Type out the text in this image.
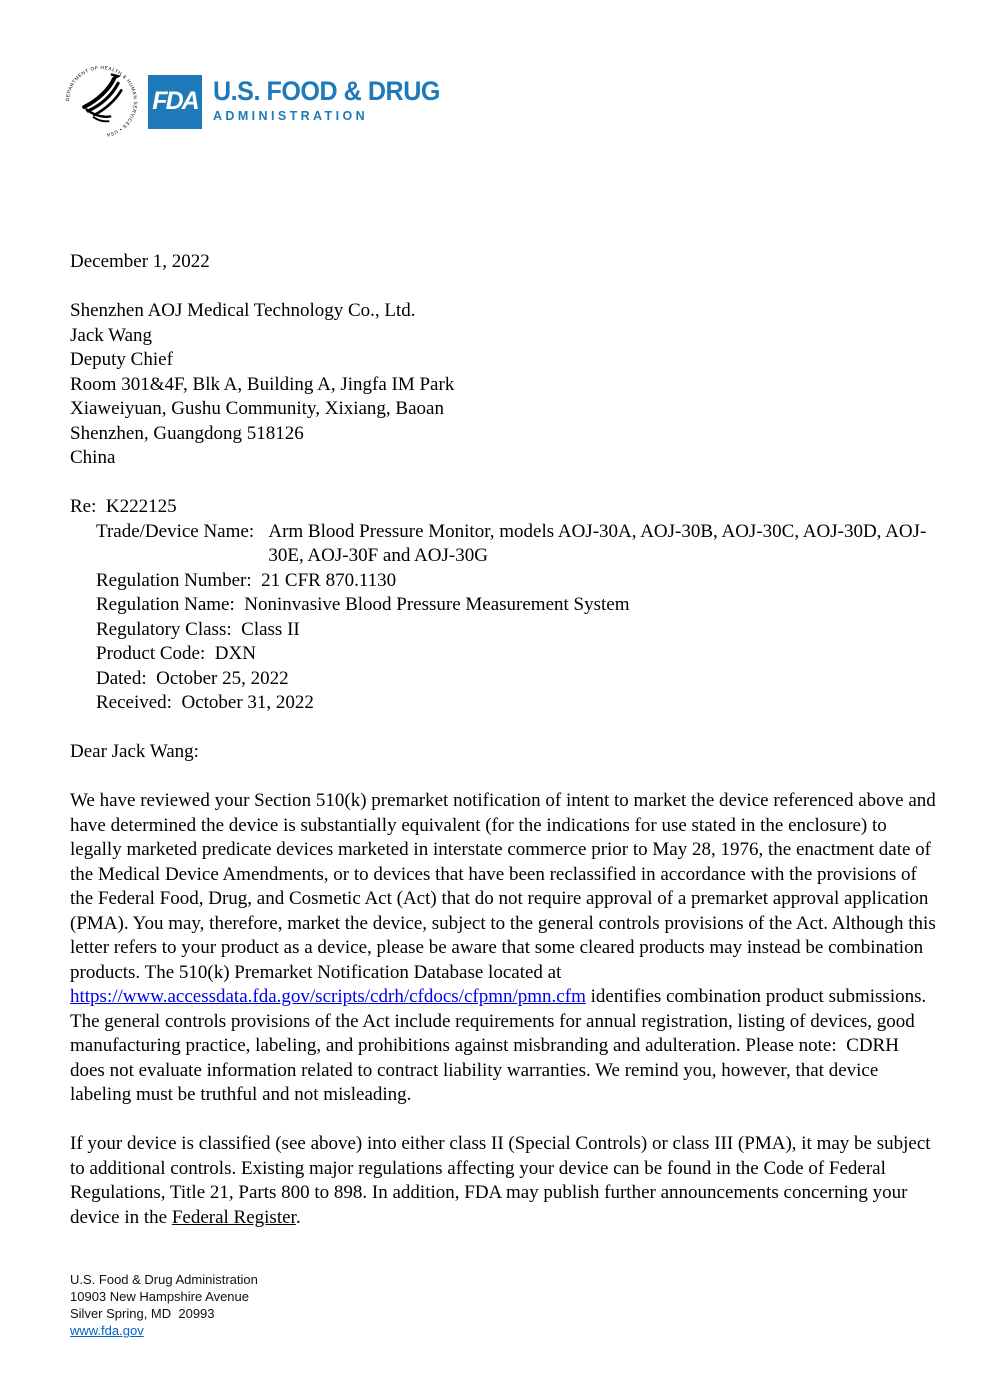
DEPARTMENT OF HEALTH & HUMAN SERVICES • USA
FDA U.S. FOOD & DRUG
ADMINISTRATION
December 1, 2022
Shenzhen AOJ Medical Technology Co., Ltd.
Jack Wang
Deputy Chief
Room 301&4F, Blk A, Building A, Jingfa IM Park
Xiaweiyuan, Gushu Community, Xixiang, Baoan
Shenzhen, Guangdong 518126
China
Re: K222125
Trade/Device Name: Arm Blood Pressure Monitor, models AOJ-30A, AOJ-30B, AOJ-30C, AOJ-30D, AOJ-30E, AOJ-30F and AOJ-30G
Regulation Number: 21 CFR 870.1130
Regulation Name: Noninvasive Blood Pressure Measurement System
Regulatory Class: Class II
Product Code: DXN
Dated: October 25, 2022
Received: October 31, 2022
Dear Jack Wang:

We have reviewed your Section 510(k) premarket notification of intent to market the device referenced above and have determined the device is substantially equivalent (for the indications for use stated in the enclosure) to legally marketed predicate devices marketed in interstate commerce prior to May 28, 1976, the enactment date of the Medical Device Amendments, or to devices that have been reclassified in accordance with the provisions of the Federal Food, Drug, and Cosmetic Act (Act) that do not require approval of a premarket approval application (PMA). You may, therefore, market the device, subject to the general controls provisions of the Act. Although this letter refers to your product as a device, please be aware that some cleared products may instead be combination products. The 510(k) Premarket Notification Database located at https://www.accessdata.fda.gov/scripts/cdrh/cfdocs/cfpmn/pmn.cfm identifies combination product submissions. The general controls provisions of the Act include requirements for annual registration, listing of devices, good manufacturing practice, labeling, and prohibitions against misbranding and adulteration. Please note:  CDRH does not evaluate information related to contract liability warranties. We remind you, however, that device labeling must be truthful and not misleading.

If your device is classified (see above) into either class II (Special Controls) or class III (PMA), it may be subject to additional controls. Existing major regulations affecting your device can be found in the Code of Federal Regulations, Title 21, Parts 800 to 898. In addition, FDA may publish further announcements concerning your device in the Federal Register.

U.S. Food & Drug Administration
10903 New Hampshire Avenue
Silver Spring, MD  20993
www.fda.gov
